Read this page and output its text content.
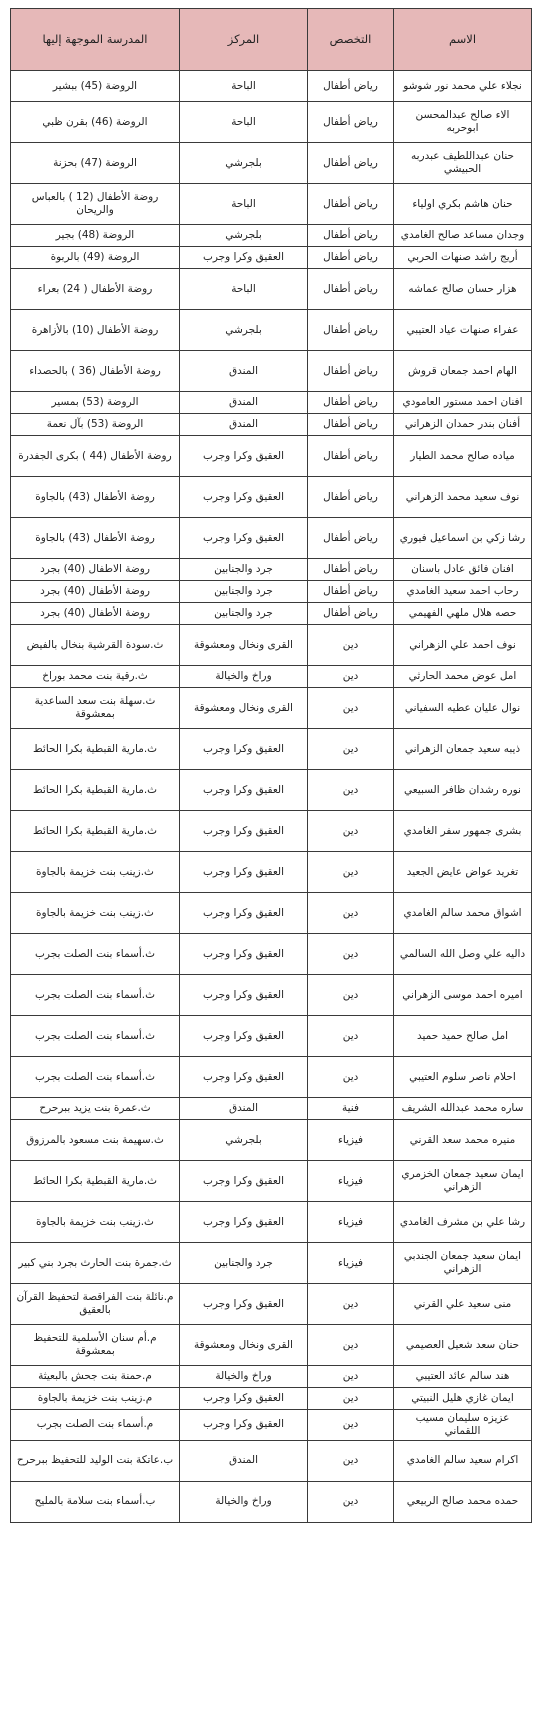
الاسم	التخصص	المركز	المدرسة الموجهة إليها
نجلاء علي محمد نور شوشو	رياض أطفال	الباحة	الروضة (45) ببشير
الاء صالح عبدالمحسن ابوحربه	رياض أطفال	الباحة	الروضة (46) بقرن ظبي
حنان عبداللطيف عبدربه الحبيشي	رياض أطفال	بلجرشي	الروضة (47) بحزنة
حنان هاشم بكري اولياء	رياض أطفال	الباحة	روضة الأطفال (12 ) بالعباس والريحان
وجدان مساعد صالح الغامدي	رياض أطفال	بلجرشي	الروضة (48) بجير
أريج راشد صنهات الحربي	رياض أطفال	العقيق وكرا وجرب	الروضة (49) بالربوة
هزار حسان صالح عماشه	رياض أطفال	الباحة	روضة الأطفال ( 24) بعراء
عفراء صنهات عياد العتيبي	رياض أطفال	بلجرشي	روضة الأطفال (10) بالأزاهرة
الهام احمد جمعان قروش	رياض أطفال	المندق	روضة الأطفال (36 ) بالحصداء
افنان احمد مستور العامودي	رياض أطفال	المندق	الروضة (53) بمسير
أفنان بندر حمدان الزهراني	رياض أطفال	المندق	الروضة (53) بآل نعمة
مياده صالح محمد الطيار	رياض أطفال	العقيق وكرا وجرب	روضة الأطفال (44 ) بكرى الجفدرة
نوف سعيد محمد الزهراني	رياض أطفال	العقيق وكرا وجرب	روضة الأطفال (43) بالجاوة
رشا زكي بن اسماعيل فيوري	رياض أطفال	العقيق وكرا وجرب	روضة الأطفال (43) بالجاوة
افنان فائق عادل باسنان	رياض أطفال	جرد والجنابين	روضة الاطفال (40) بجرد
رحاب احمد سعيد الغامدي	رياض أطفال	جرد والجنابين	روضة الأطفال (40) بجرد
حصه هلال ملهي الفهيمي	رياض أطفال	جرد والجنابين	روضة الأطفال (40) بجرد
نوف احمد علي الزهراني	دين	القرى ونخال ومعشوقة	ث.سودة القرشية بنخال بالفيض
امل عوض محمد الحارثي	دين	وراخ والخيالة	ث.رقية بنت محمد بوراخ
نوال عليان عطيه السفياني	دين	القرى ونخال ومعشوقة	ث.سهلة بنت سعد الساعدية بمعشوقة
ذيبه سعيد جمعان الزهراني	دين	العقيق وكرا وجرب	ث.مارية القبطية بكرا الحائط
نوره رشدان ظافر السبيعي	دين	العقيق وكرا وجرب	ث.مارية القبطية بكرا الحائط
بشرى جمهور سفر الغامدي	دين	العقيق وكرا وجرب	ث.مارية القبطية بكرا الحائط
تغريد عواض عايض الجعيد	دين	العقيق وكرا وجرب	ث.زينب بنت خزيمة بالجاوة
اشواق محمد سالم الغامدي	دين	العقيق وكرا وجرب	ث.زينب بنت خزيمة بالجاوة
داليه علي وصل الله السالمي	دين	العقيق وكرا وجرب	ث.أسماء بنت الصلت بجرب
اميره احمد موسى الزهراني	دين	العقيق وكرا وجرب	ث.أسماء بنت الصلت بجرب
امل صالح حميد حميد	دين	العقيق وكرا وجرب	ث.أسماء بنت الصلت بجرب
احلام ناصر سلوم العتيبي	دين	العقيق وكرا وجرب	ث.أسماء بنت الصلت بجرب
ساره محمد عبدالله الشريف	فنية	المندق	ث.عمرة بنت يزيد ببرحرح
منيره محمد سعد القرني	فيزياء	بلجرشي	ث.سهيمة بنت مسعود بالمرزوق
ايمان سعيد جمعان الخزمري الزهراني	فيزياء	العقيق وكرا وجرب	ث.مارية القبطية بكرا الحائط
رشا علي بن مشرف الغامدي	فيزياء	العقيق وكرا وجرب	ث.زينب بنت خزيمة بالجاوة
ايمان سعيد جمعان الجندبي الزهراني	فيزياء	جرد والجنابين	ث.جمرة بنت الحارث بجرد بني كبير
منى سعيد علي القرني	دين	العقيق وكرا وجرب	م.نائلة بنت الفراقصة لتحفيظ القرآن بالعقيق
حنان سعد شعيل العصيمي	دين	القرى ونخال ومعشوقة	م.أم سنان الأسلمية للتحفيظ بمعشوقة
هند سالم عائد العتيبي	دين	وراخ والخيالة	م.حمنة بنت جحش بالبعيثة
ايمان غازي هليل النبيتي	دين	العقيق وكرا وجرب	م.زينب بنت خزيمة بالجاوة
عزيزه سليمان مسيب اللقماني	دين	العقيق وكرا وجرب	م.أسماء بنت الصلت بجرب
اكرام سعيد سالم الغامدي	دين	المندق	ب.عاتكة بنت الوليد للتحفيظ ببرحرح
حمده محمد صالح الربيعي	دين	وراخ والخيالة	ب.أسماء بنت سلامة بالمليح
